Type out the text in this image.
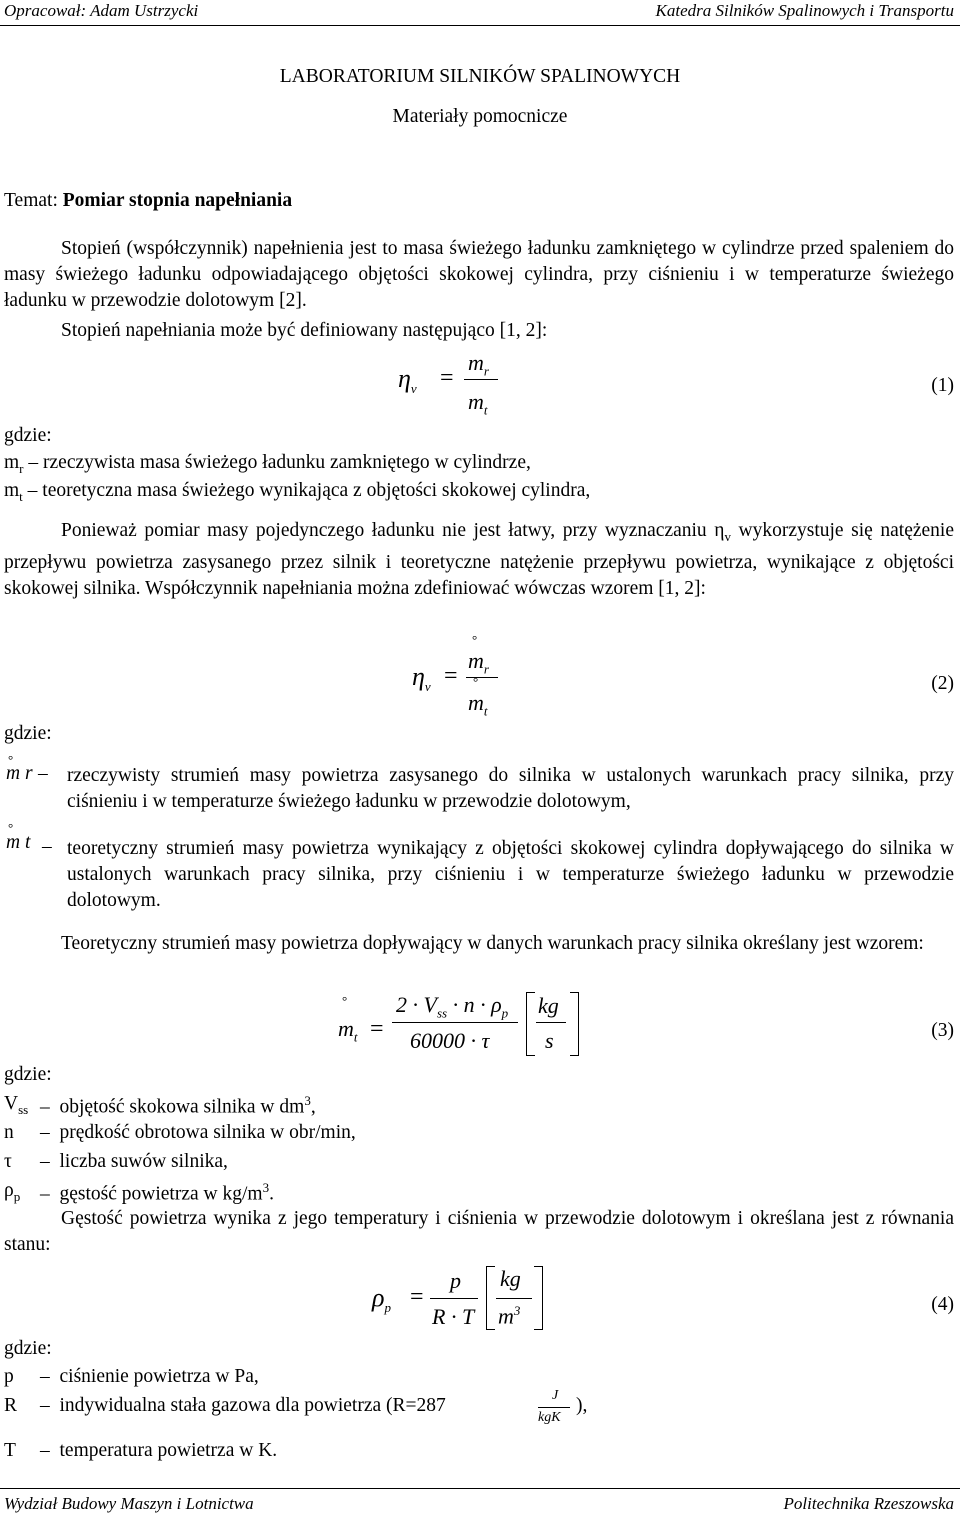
Opracował: Adam Ustrzycki	Katedra Silników Spalinowych i Transportu
LABORATORIUM SILNIKÓW SPALINOWYCH
Materiały pomocnicze
Temat: Pomiar stopnia napełniania
Stopień (współczynnik) napełnienia jest to masa świeżego ładunku zamkniętego w cylindrze przed spaleniem do masy świeżego ładunku odpowiadającego objętości skokowej cylindra, przy ciśnieniu i w temperaturze świeżego ładunku w przewodzie dolotowym [2].
Stopień napełniania może być definiowany następująco [1, 2]:
$\eta_v$ =
$m_r$
$m_t$
(1)
gdzie:
$m_r$ – rzeczywista masa świeżego ładunku zamkniętego w cylindrze,
$m_t$ – teoretyczna masa świeżego wynikająca z objętości skokowej cylindra,
Ponieważ pomiar masy pojedynczego ładunku nie jest łatwy, przy wyznaczaniu $\eta_v$ wykorzystuje się natężenie przepływu powietrza zasysanego przez silnik i teoretyczne natężenie przepływu powietrza, wynikające z objętości skokowej silnika. Współczynnik napełniania można zdefiniować wówczas wzorem [1, 2]:
°
$\eta_v$ =
$m_r$
°
$m_t$
(2)
gdzie:
°
m r – rzeczywisty strumień masy powietrza zasysanego do silnika w ustalonych warunkach pracy silnika, przy ciśnieniu i w temperaturze świeżego ładunku w przewodzie dolotowym,
°
m t – teoretyczny strumień masy powietrza wynikający z objętości skokowej cylindra dopływającego do silnika w ustalonych warunkach pracy silnika, przy ciśnieniu i w temperaturze świeżego ładunku w przewodzie dolotowym.
Teoretyczny strumień masy powietrza dopływający w danych warunkach pracy silnika określany jest wzorem:
°
$m_t$ =
$2 \cdot V_{ss} \cdot n \cdot \rho_p$
60000 · τ
kg
s	(3)
gdzie:
$V_{ss}$ –  objętość skokowa silnika w $dm^3$,
n –  prędkość obrotowa silnika w obr/min,
τ –  liczba suwów silnika,
$\rho_p$ –  gęstość powietrza w $kg/m^3$.
Gęstość powietrza wynika z jego temperatury i ciśnienia w przewodzie dolotowym i określana jest z równania stanu:
$\rho_p$ =
p
R · T
kg
$m^3$	(4)
gdzie:
p –  ciśnienie powietrza w Pa,
R –  indywidualna stała gazowa dla powietrza (R=287	J
kgK
),
T –  temperatura powietrza w K.
Wydział Budowy Maszyn i Lotnictwa	Politechnika Rzeszowska
